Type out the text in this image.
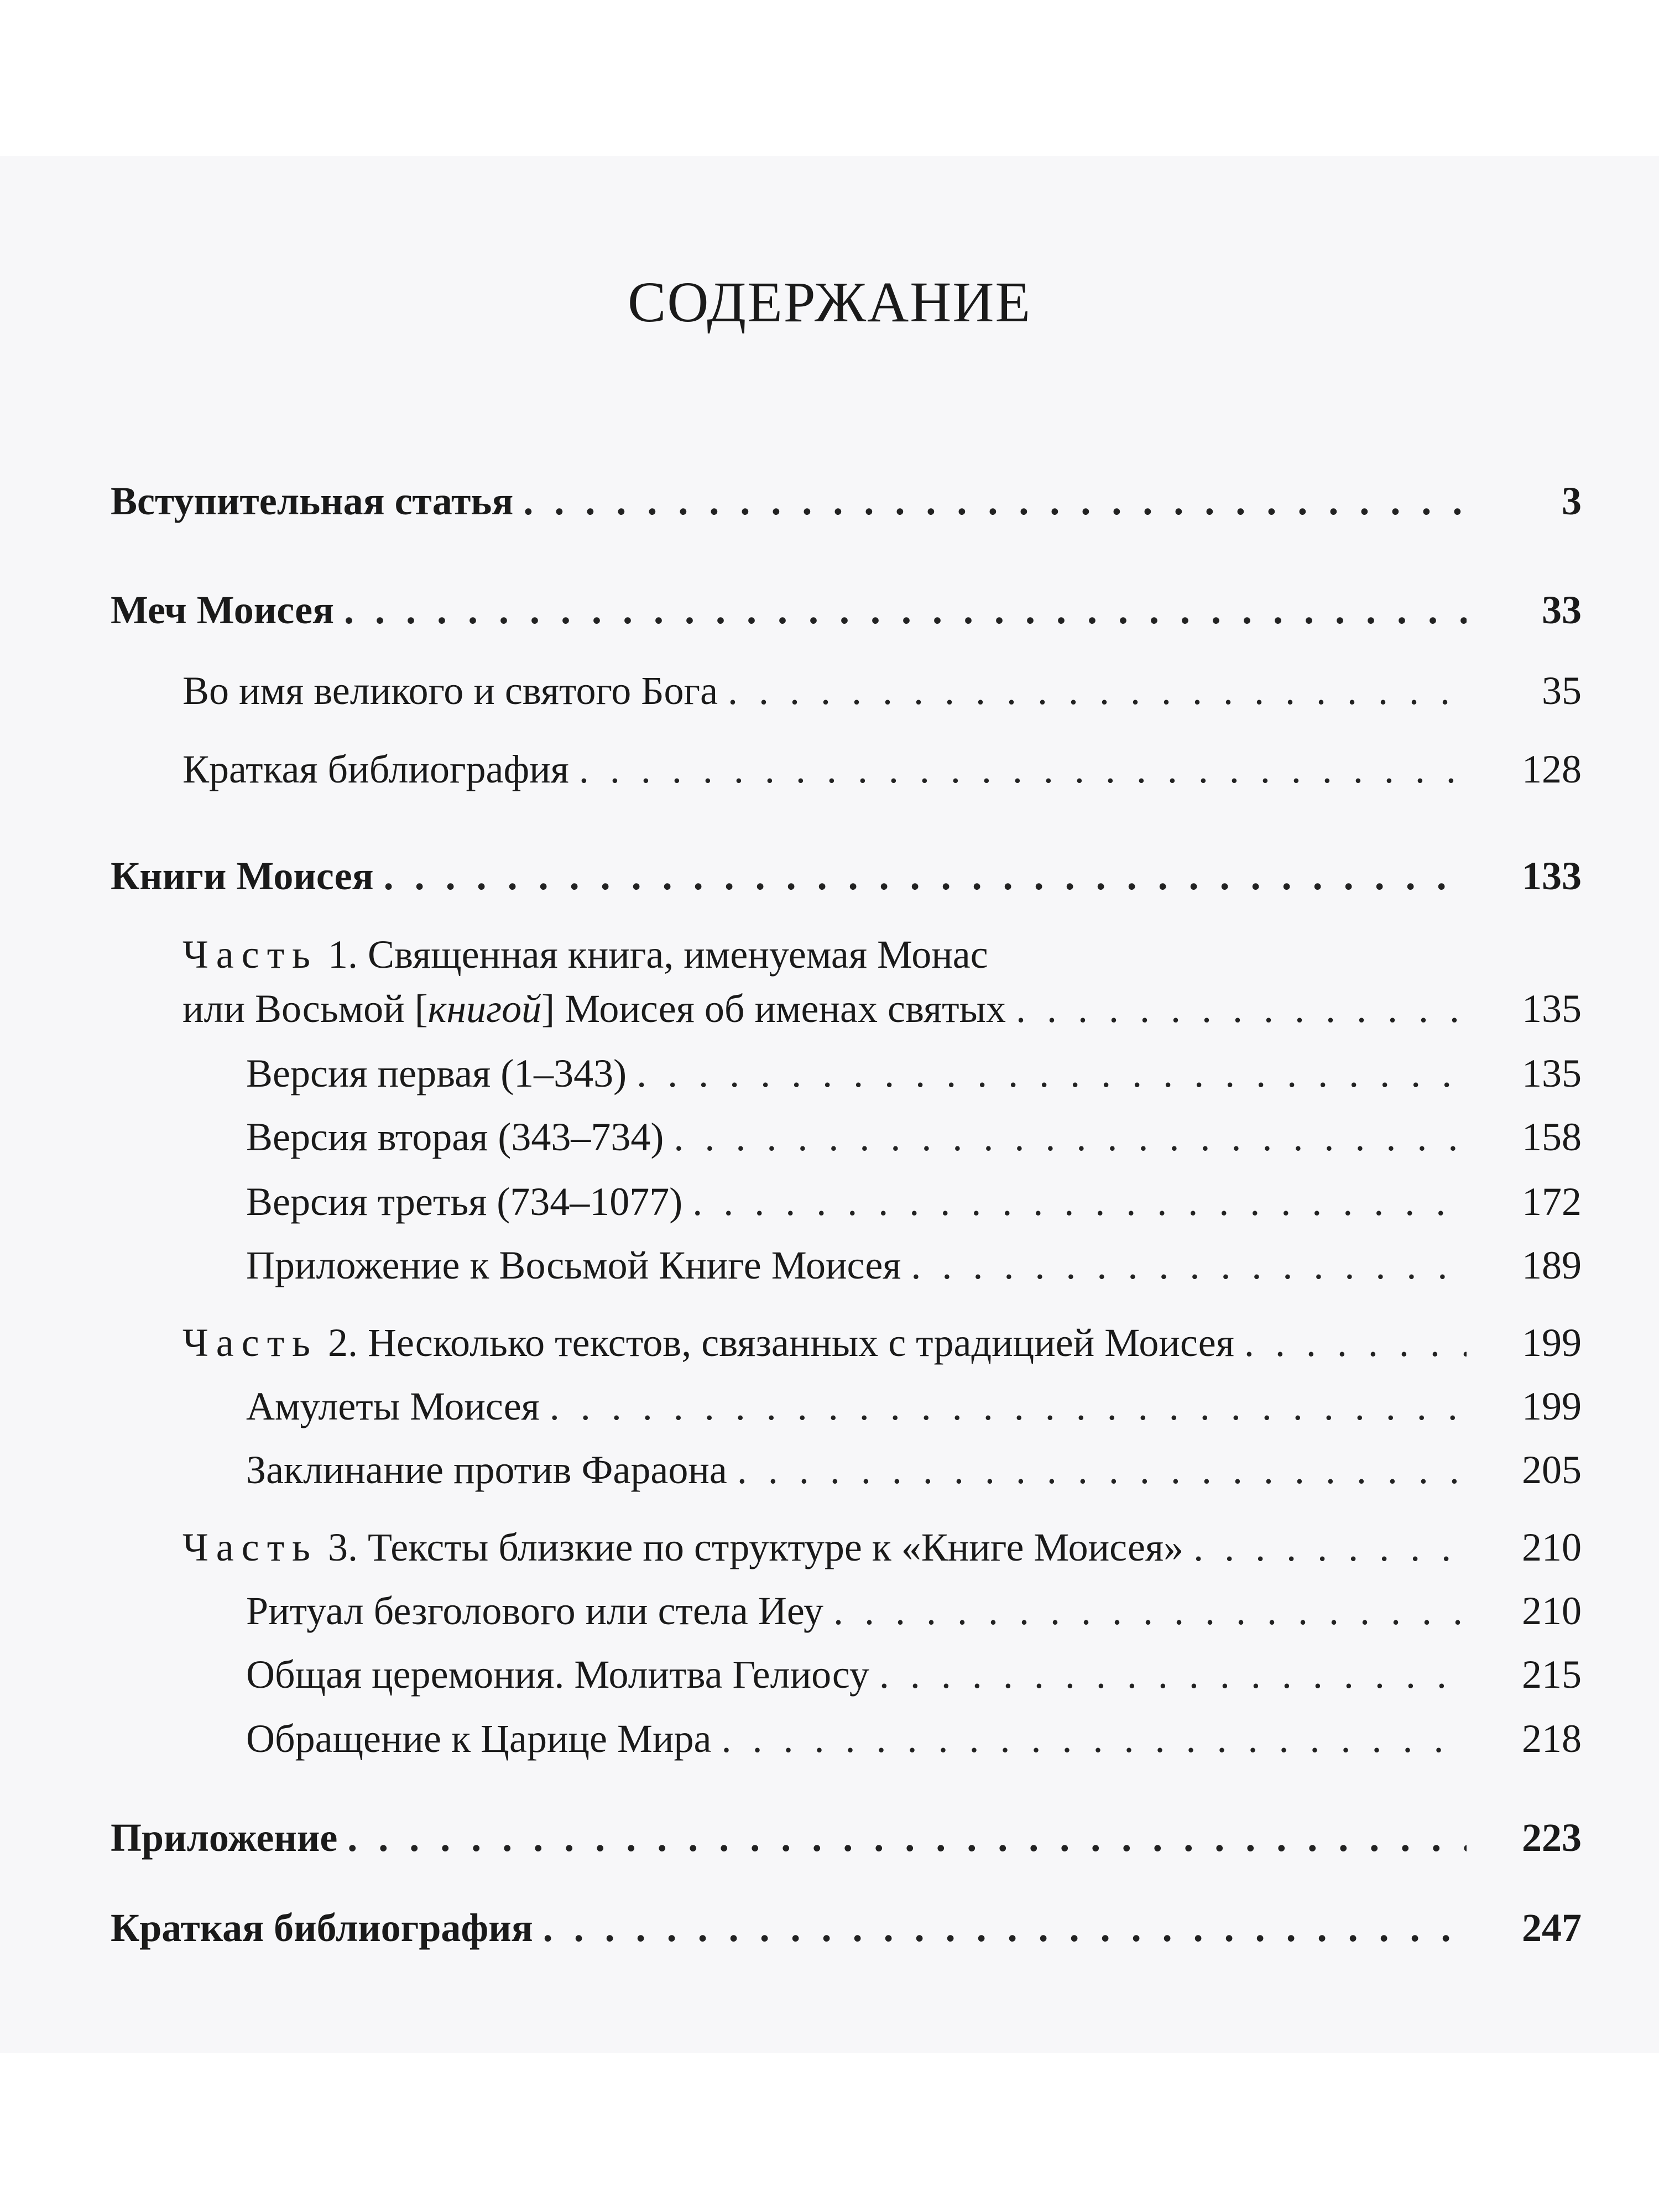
СОДЕРЖАНИЕ
Вступительная статья . . .	3
Меч Моисея . . .	33
Во имя великого и святого Бога . . .	35
Краткая библиография . . .	128
Книги Моисея . . .	133
Часть 1. Священная книга, именуемая Монас
или Восьмой [книгой] Моисея об именах святых . . .	135
Версия первая (1–343) . . .	135
Версия вторая (343–734) . . .	158
Версия третья (734–1077) . . .	172
Приложение к Восьмой Книге Моисея . . .	189
Часть 2. Несколько текстов, связанных с традицией Моисея . . .	199
Амулеты Моисея . . .	199
Заклинание против Фараона . . .	205
Часть 3. Тексты близкие по структуре к «Книге Моисея» . . .	210
Ритуал безголового или стела Иеу . . .	210
Общая церемония. Молитва Гелиосу . . .	215
Обращение к Царице Мира . . .	218
Приложение . . .	223
Краткая библиография . . .	247
